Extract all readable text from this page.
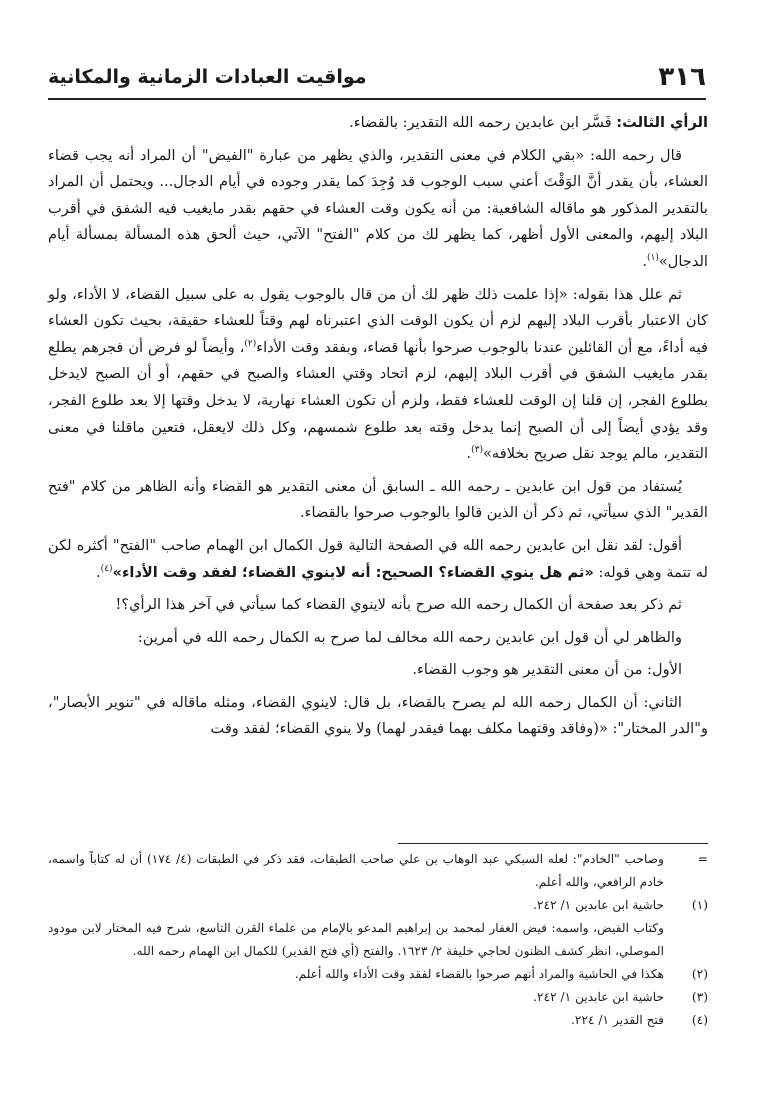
٣١٦
مواقيت العبادات الزمانية والمكانية

الرأي الثالث: فَسَّر ابن عابدين رحمه الله التقدير: بالقضاء.

قال رحمه الله: «بقي الكلام في معنى التقدير، والذي يظهر من عبارة "الفيض" أن المراد أنه يجب قضاء العشاء، بأن يقدر أنَّ الوَقْتَ أعني سبب الوجوب قد وُجِدَ كما يقدر وجوده في أيام الدجال... ويحتمل أن المراد بالتقدير المذكور هو ماقاله الشافعية: من أنه يكون وقت العشاء في حقهم بقدر مايغيب فيه الشفق في أقرب البلاد إليهم، والمعنى الأول أظهر، كما يظهر لك من كلام "الفتح" الآتي، حيث ألحق هذه المسألة بمسألة أيام الدجال»$^{(١)}$.

ثم علل هذا بقوله: «إذا علمت ذلك ظهر لك أن من قال بالوجوب يقول به على سبيل القضاء، لا الأداء، ولو كان الاعتبار بأقرب البلاد إليهم لزم أن يكون الوقت الذي اعتبرناه لهم وقتاً للعشاء حقيقة، بحيث تكون العشاء فيه أداءً، مع أن القائلين عندنا بالوجوب صرحوا بأنها قضاء، وبفقد وقت الأداء$^{(٢)}$، وأيضاً لو فرض أن فجرهم يطلع بقدر مايغيب الشفق في أقرب البلاد إليهم، لزم اتحاد وقتي العشاء والصبح في حقهم، أو أن الصبح لايدخل بطلوع الفجر، إن قلنا إن الوقت للعشاء فقط، ولزم أن تكون العشاء نهارية، لا يدخل وقتها إلا بعد طلوع الفجر، وقد يؤدي أيضاً إلى أن الصبح إنما يدخل وقته بعد طلوع شمسهم، وكل ذلك لايعقل، فتعين ماقلنا في معنى التقدير، مالم يوجد نقل صريح بخلافه»$^{(٣)}$.

يُستفاد من قول ابن عابدين ـ رحمه الله ـ السابق أن معنى التقدير هو القضاء وأنه الظاهر من كلام "فتح القدير" الذي سيأتي، ثم ذكر أن الذين قالوا بالوجوب صرحوا بالقضاء.

أقول: لقد نقل ابن عابدين رحمه الله في الصفحة التالية قول الكمال ابن الهمام صاحب "الفتح" أكثره لكن له تتمة وهي قوله: «ثم هل ينوي القضاء؟ الصحيح: أنه لاينوي القضاء؛ لفقد وقت الأداء»$^{(٤)}$.

ثم ذكر بعد صفحة أن الكمال رحمه الله صرح بأنه لاينوي القضاء كما سيأتي في آخر هذا الرأي؟!

والظاهر لي أن قول ابن عابدين رحمه الله مخالف لما صرح به الكمال رحمه الله في أمرين:

الأول: من أن معنى التقدير هو وجوب القضاء.

الثاني: أن الكمال رحمه الله لم يصرح بالقضاء، بل قال: لاينوي القضاء، ومثله ماقاله في "تنوير الأبصار"، و"الدر المختار": «(وفاقد وقتهما مكلف بهما فيقدر لهما) ولا ينوي القضاء؛ لفقد وقت

=
وصاحب "الخادم": لعله السبكي عبد الوهاب بن علي صاحب الطبقات، فقد ذكر في الطبقات (٤/ ١٧٤) أن له كتاباً واسمه، خادم الرافعي، والله أعلم.
(١)
حاشية ابن عابدين ١/ ٢٤٢.
وكتاب الفيض، واسمه: فيض الغفار لمحمد بن إبراهيم المدعو بالإمام من علماء القرن التاسع، شرح فيه المختار لابن مودود الموصلي، انظر كشف الظنون لحاجي خليفة ٢/ ١٦٢٣. والفتح (أي فتح القدير) للكمال ابن الهمام رحمه الله.
(٢)
هكذا في الحاشية والمراد أنهم صرحوا بالقضاء لفقد وقت الأداء والله أعلم.
(٣)
حاشية ابن عابدين ١/ ٢٤٢.
(٤)
فتح القدير ١/ ٢٢٤.
